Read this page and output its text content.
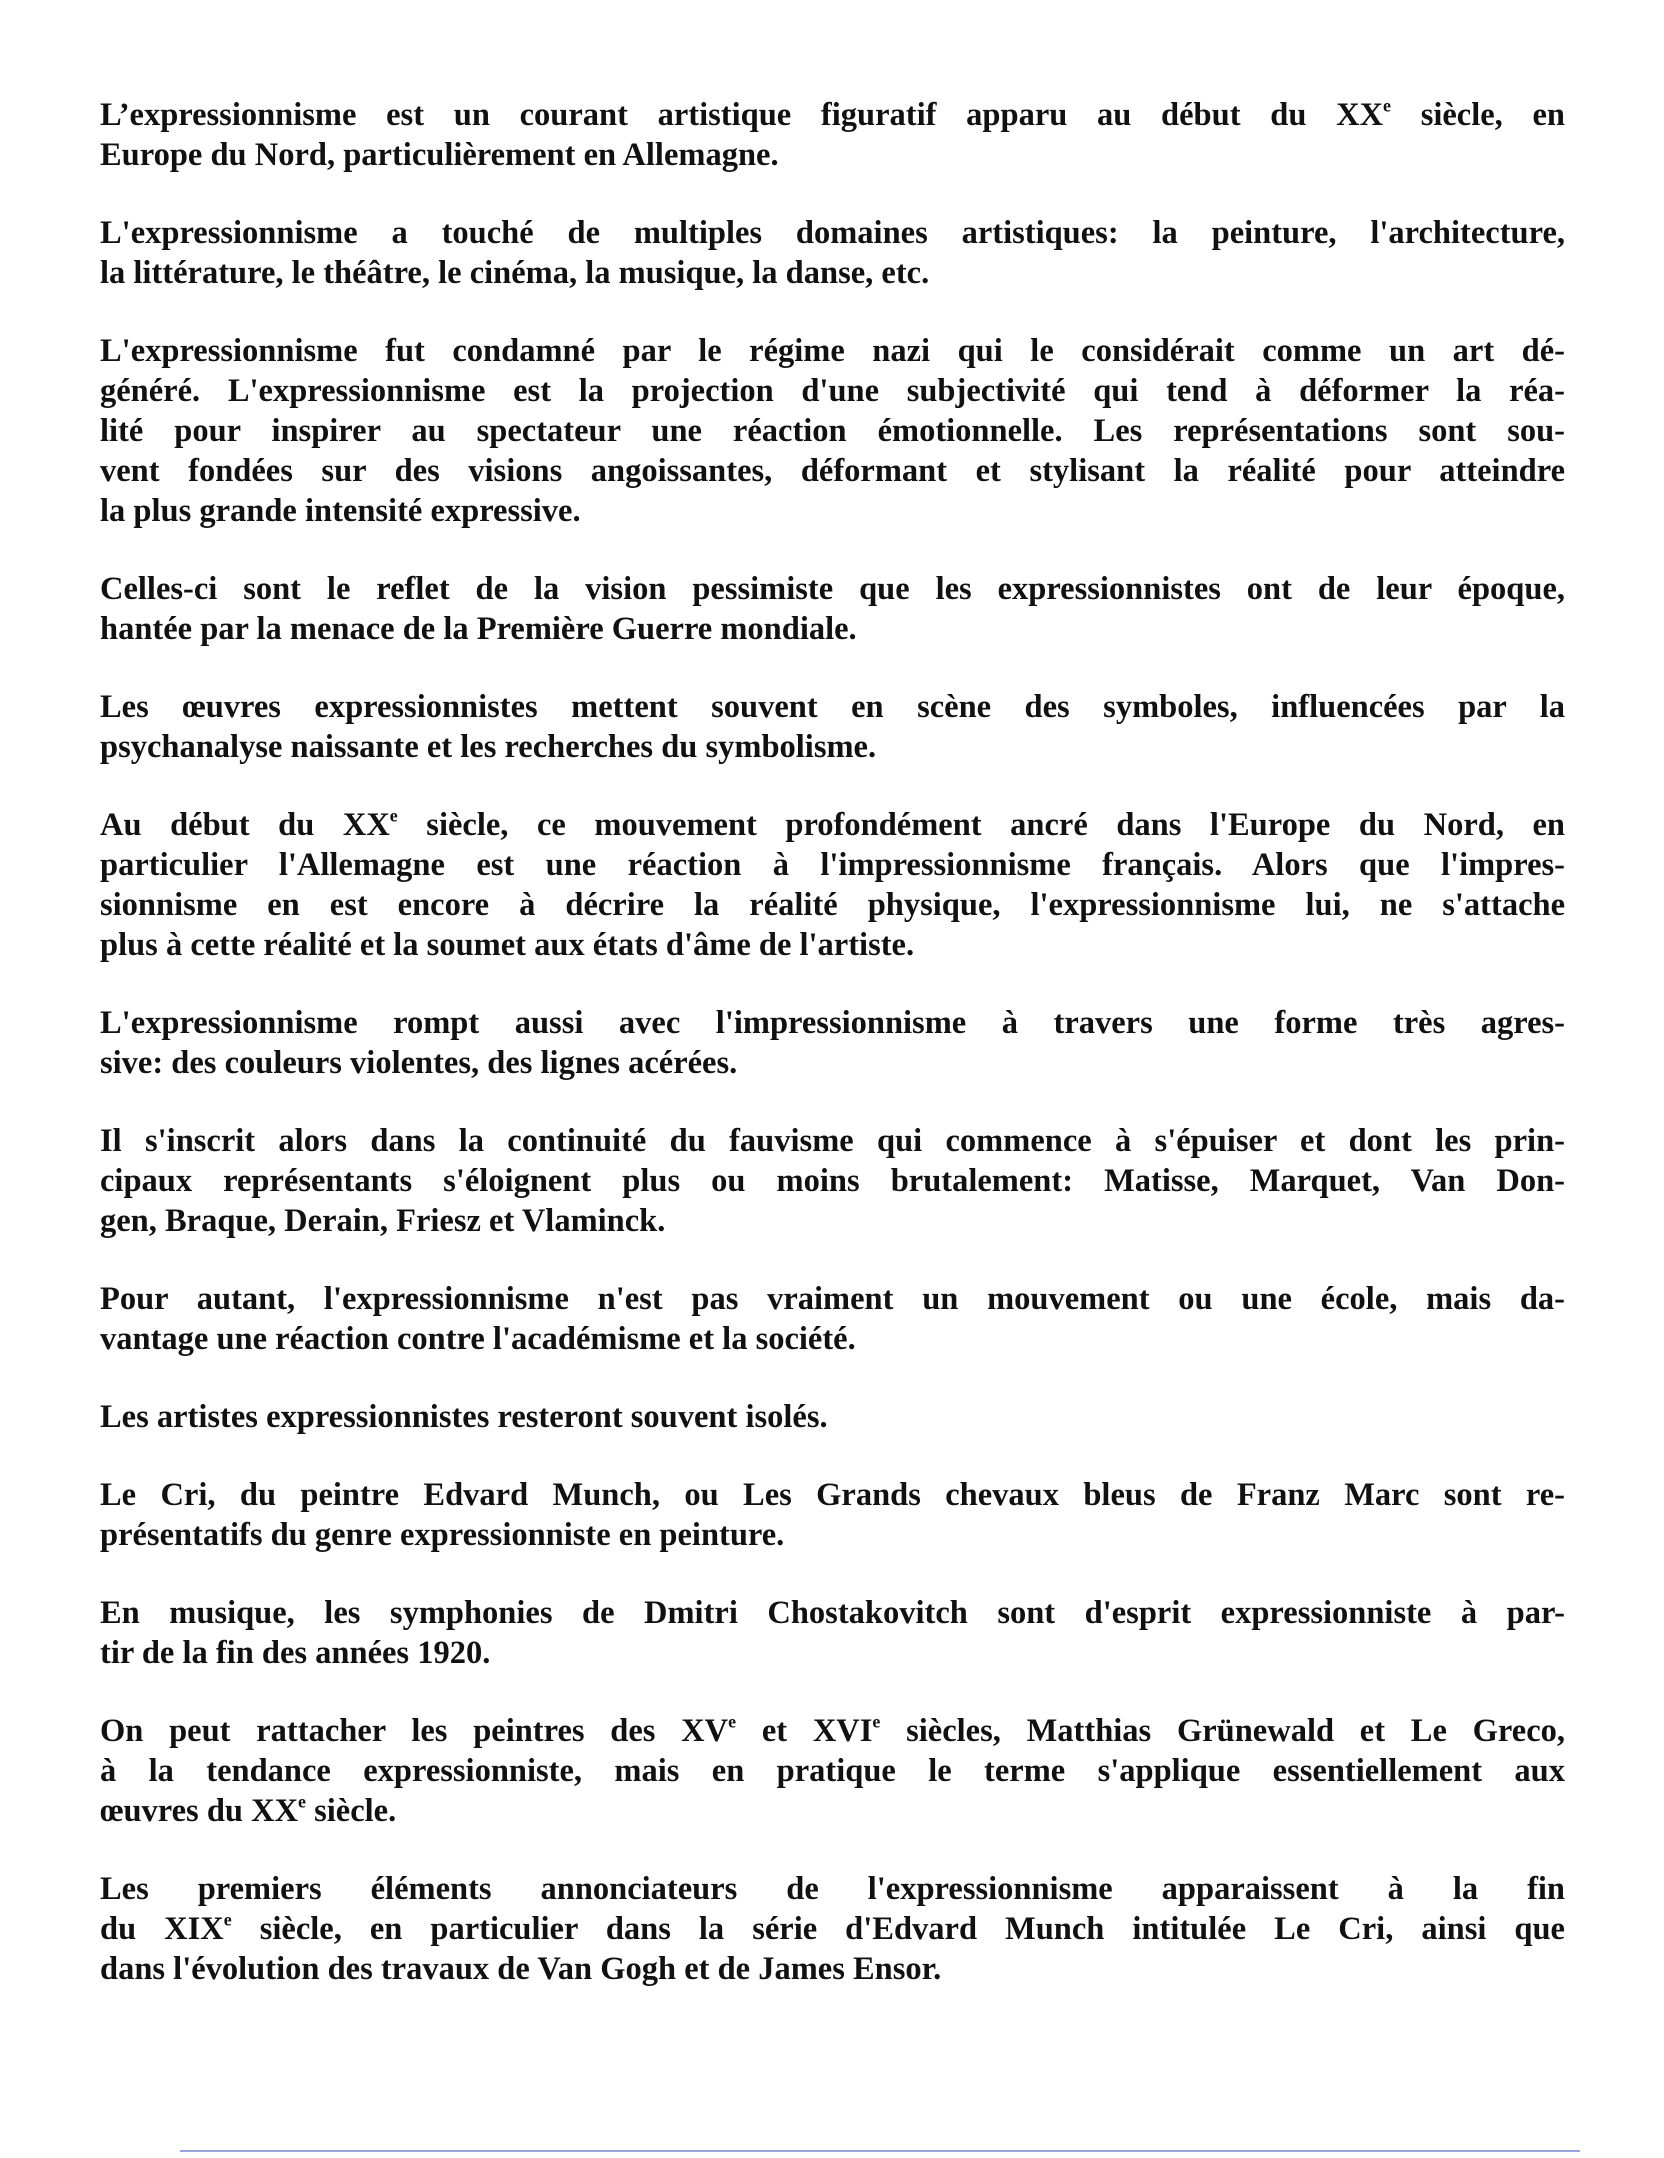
L’expressionnisme est un courant artistique figuratif apparu au début du XXe siècle, en
Europe du Nord, particulièrement en Allemagne.

L'expressionnisme a touché de multiples domaines artistiques: la peinture, l'architecture,
la littérature, le théâtre, le cinéma, la musique, la danse, etc.

L'expressionnisme fut condamné par le régime nazi qui le considérait comme un art dé-
généré. L'expressionnisme est la projection d'une subjectivité qui tend à déformer la réa-
lité pour inspirer au spectateur une réaction émotionnelle. Les représentations sont sou-
vent fondées sur des visions angoissantes, déformant et stylisant la réalité pour atteindre
la plus grande intensité expressive.

Celles-ci sont le reflet de la vision pessimiste que les expressionnistes ont de leur époque,
hantée par la menace de la Première Guerre mondiale.

Les œuvres expressionnistes mettent souvent en scène des symboles, influencées par la
psychanalyse naissante et les recherches du symbolisme.

Au début du XXe siècle, ce mouvement profondément ancré dans l'Europe du Nord, en
particulier l'Allemagne est une réaction à l'impressionnisme français. Alors que l'impres-
sionnisme en est encore à décrire la réalité physique, l'expressionnisme lui, ne s'attache
plus à cette réalité et la soumet aux états d'âme de l'artiste.

L'expressionnisme rompt aussi avec l'impressionnisme à travers une forme très agres-
sive: des couleurs violentes, des lignes acérées.

Il s'inscrit alors dans la continuité du fauvisme qui commence à s'épuiser et dont les prin-
cipaux représentants s'éloignent plus ou moins brutalement: Matisse, Marquet, Van Don-
gen, Braque, Derain, Friesz et Vlaminck.

Pour autant, l'expressionnisme n'est pas vraiment un mouvement ou une école, mais da-
vantage une réaction contre l'académisme et la société.

Les artistes expressionnistes resteront souvent isolés.

Le Cri, du peintre Edvard Munch, ou Les Grands chevaux bleus de Franz Marc sont re-
présentatifs du genre expressionniste en peinture.

En musique, les symphonies de Dmitri Chostakovitch sont d'esprit expressionniste à par-
tir de la fin des années 1920.

On peut rattacher les peintres des XVe et XVIe siècles, Matthias Grünewald et Le Greco,
à la tendance expressionniste, mais en pratique le terme s'applique essentiellement aux
œuvres du XXe siècle.

Les premiers éléments annonciateurs de l'expressionnisme apparaissent à la fin
du XIXe siècle, en particulier dans la série d'Edvard Munch intitulée Le Cri, ainsi que
dans l'évolution des travaux de Van Gogh et de James Ensor.
